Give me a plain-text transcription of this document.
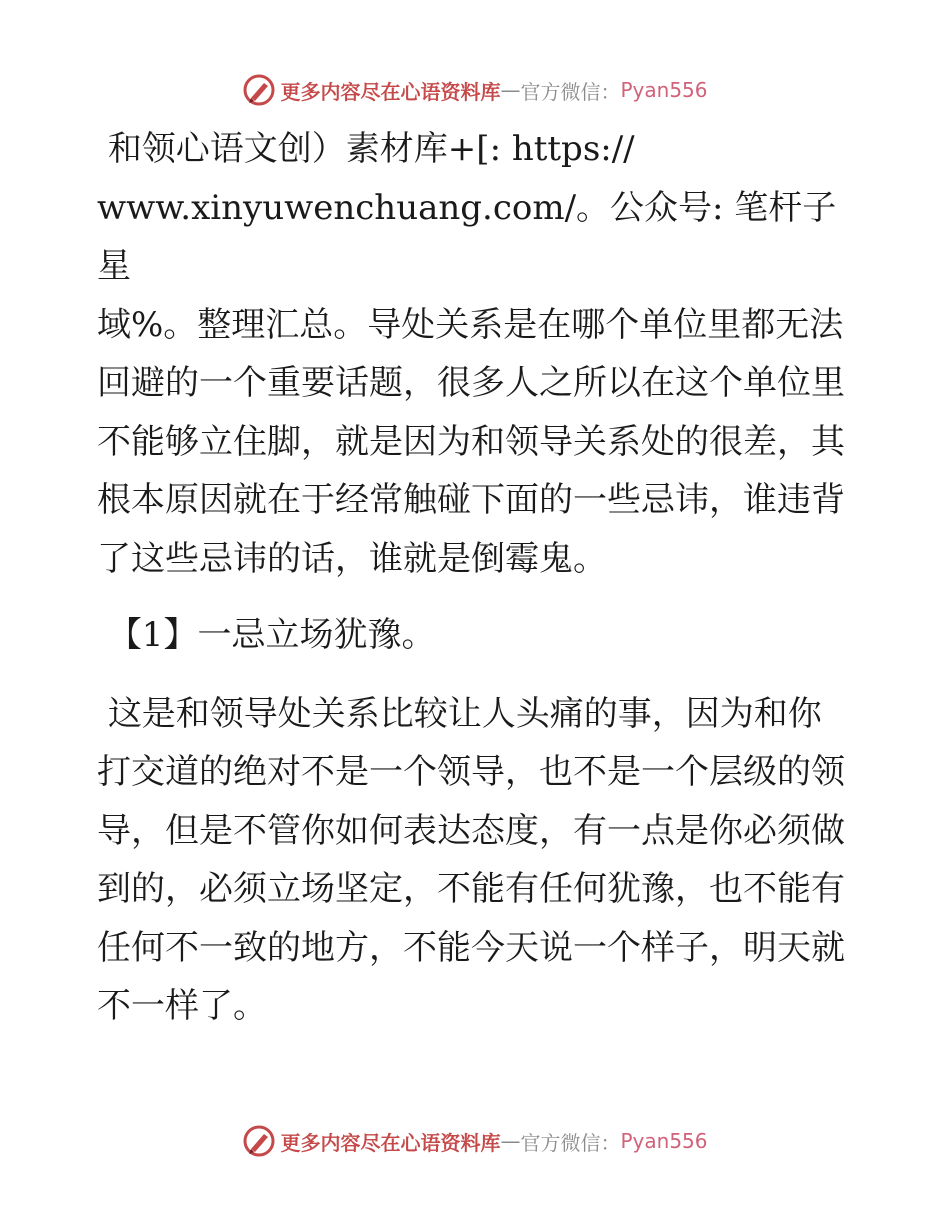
更多内容尽在心语资料库 — 官方微信： Pyan556

和领心语文创）素材库+[: https://
www.xinyuwenchuang.com/。公众号: 笔杆子星
域%。整理汇总。导处关系是在哪个单位里都无法
回避的一个重要话题，很多人之所以在这个单位里
不能够立住脚，就是因为和领导关系处的很差，其
根本原因就在于经常触碰下面的一些忌讳，谁违背
了这些忌讳的话，谁就是倒霉鬼。

【1】一忌立场犹豫。

这是和领导处关系比较让人头痛的事，因为和你
打交道的绝对不是一个领导，也不是一个层级的领
导，但是不管你如何表达态度，有一点是你必须做
到的，必须立场坚定，不能有任何犹豫，也不能有
任何不一致的地方，不能今天说一个样子，明天就
不一样了。

更多内容尽在心语资料库 — 官方微信： Pyan556
